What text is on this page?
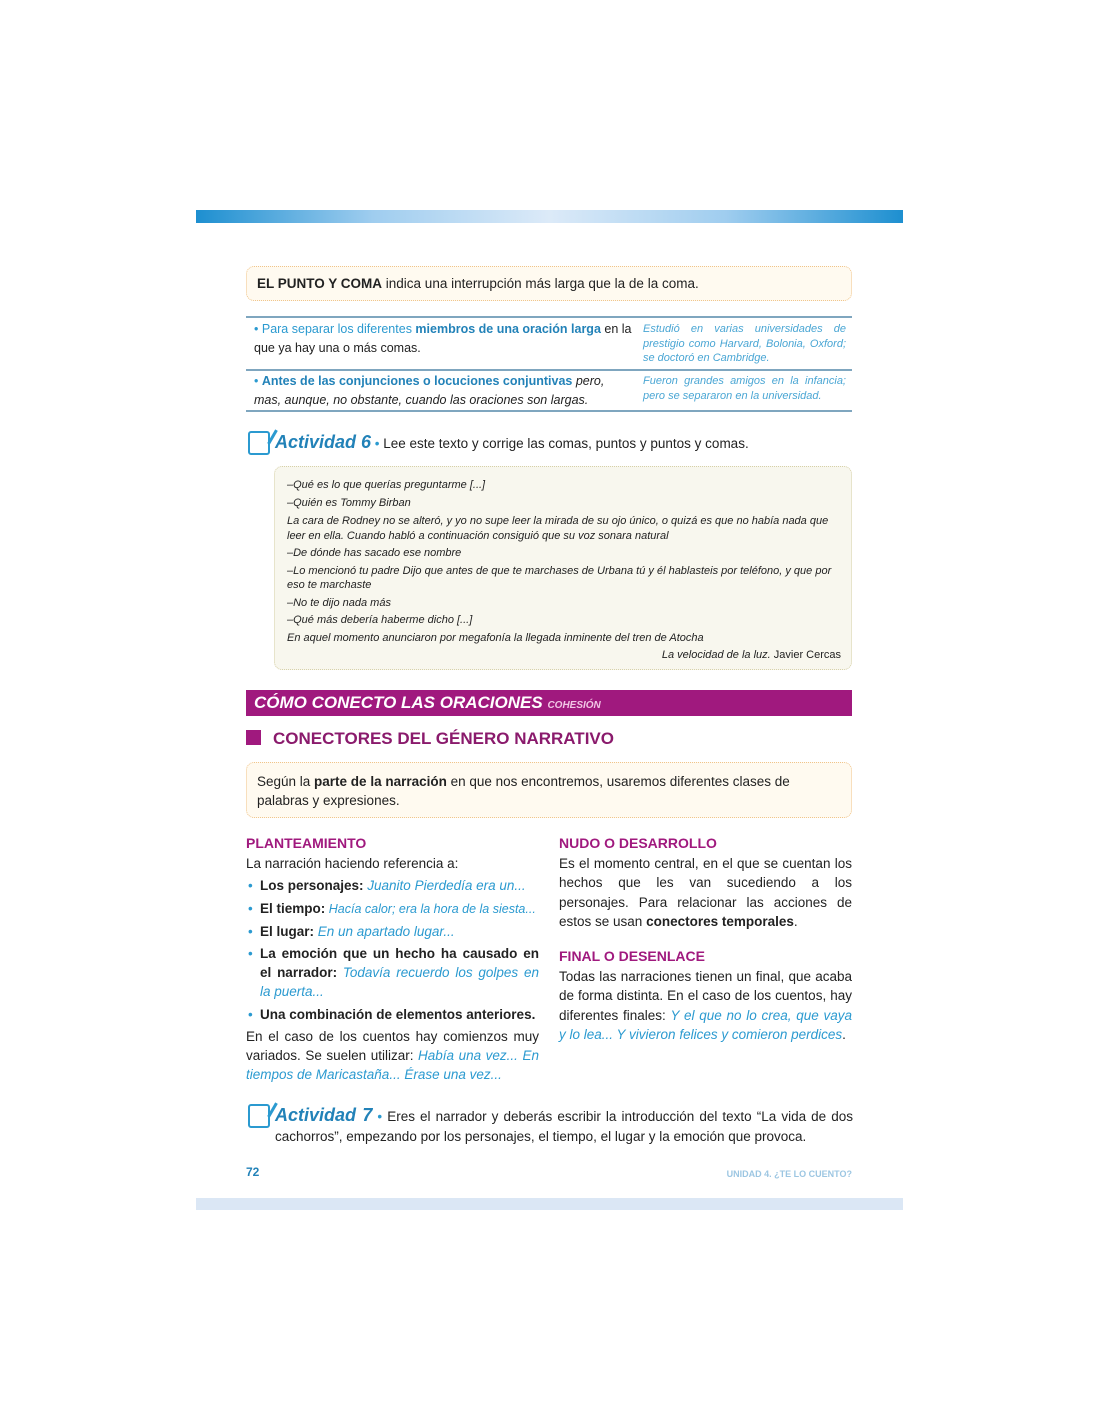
EL PUNTO Y COMA indica una interrupción más larga que la de la coma.
• Para separar los diferentes miembros de una oración larga en la que ya hay una o más comas.
Estudió en varias universidades de prestigio como Harvard, Bolonia, Oxford; se doctoró en Cambridge.
• Antes de las conjunciones o locuciones conjuntivas pero, mas, aunque, no obstante, cuando las oraciones son largas.
Fueron grandes amigos en la infancia; pero se separaron en la universidad.
Actividad 6 • Lee este texto y corrige las comas, puntos y puntos y comas.
–Qué es lo que querías preguntarme [...]
–Quién es Tommy Birban
La cara de Rodney no se alteró, y yo no supe leer la mirada de su ojo único, o quizá es que no había nada que leer en ella. Cuando habló a continuación consiguió que su voz sonara natural
–De dónde has sacado ese nombre
–Lo mencionó tu padre Dijo que antes de que te marchases de Urbana tú y él hablasteis por teléfono, y que por eso te marchaste
–No te dijo nada más
–Qué más debería haberme dicho [...]
En aquel momento anunciaron por megafonía la llegada inminente del tren de Atocha
La velocidad de la luz. Javier Cercas
CÓMO CONECTO LAS ORACIONES COHESIÓN
CONECTORES DEL GÉNERO NARRATIVO
Según la parte de la narración en que nos encontremos, usaremos diferentes clases de palabras y expresiones.
PLANTEAMIENTO
La narración haciendo referencia a:
• Los personajes: Juanito Pierdedía era un...
• El tiempo: Hacía calor; era la hora de la siesta...
• El lugar: En un apartado lugar...
• La emoción que un hecho ha causado en el narrador: Todavía recuerdo los golpes en la puerta...
• Una combinación de elementos anteriores.
En el caso de los cuentos hay comienzos muy variados. Se suelen utilizar: Había una vez... En tiempos de Maricastaña... Érase una vez...
NUDO O DESARROLLO
Es el momento central, en el que se cuentan los hechos que les van sucediendo a los personajes. Para relacionar las acciones de estos se usan conectores temporales.
FINAL O DESENLACE
Todas las narraciones tienen un final, que acaba de forma distinta. En el caso de los cuentos, hay diferentes finales: Y el que no lo crea, que vaya y lo lea... Y vivieron felices y comieron perdices.
Actividad 7 • Eres el narrador y deberás escribir la introducción del texto “La vida de dos cachorros”, empezando por los personajes, el tiempo, el lugar y la emoción que provoca.
72	UNIDAD 4. ¿TE LO CUENTO?
